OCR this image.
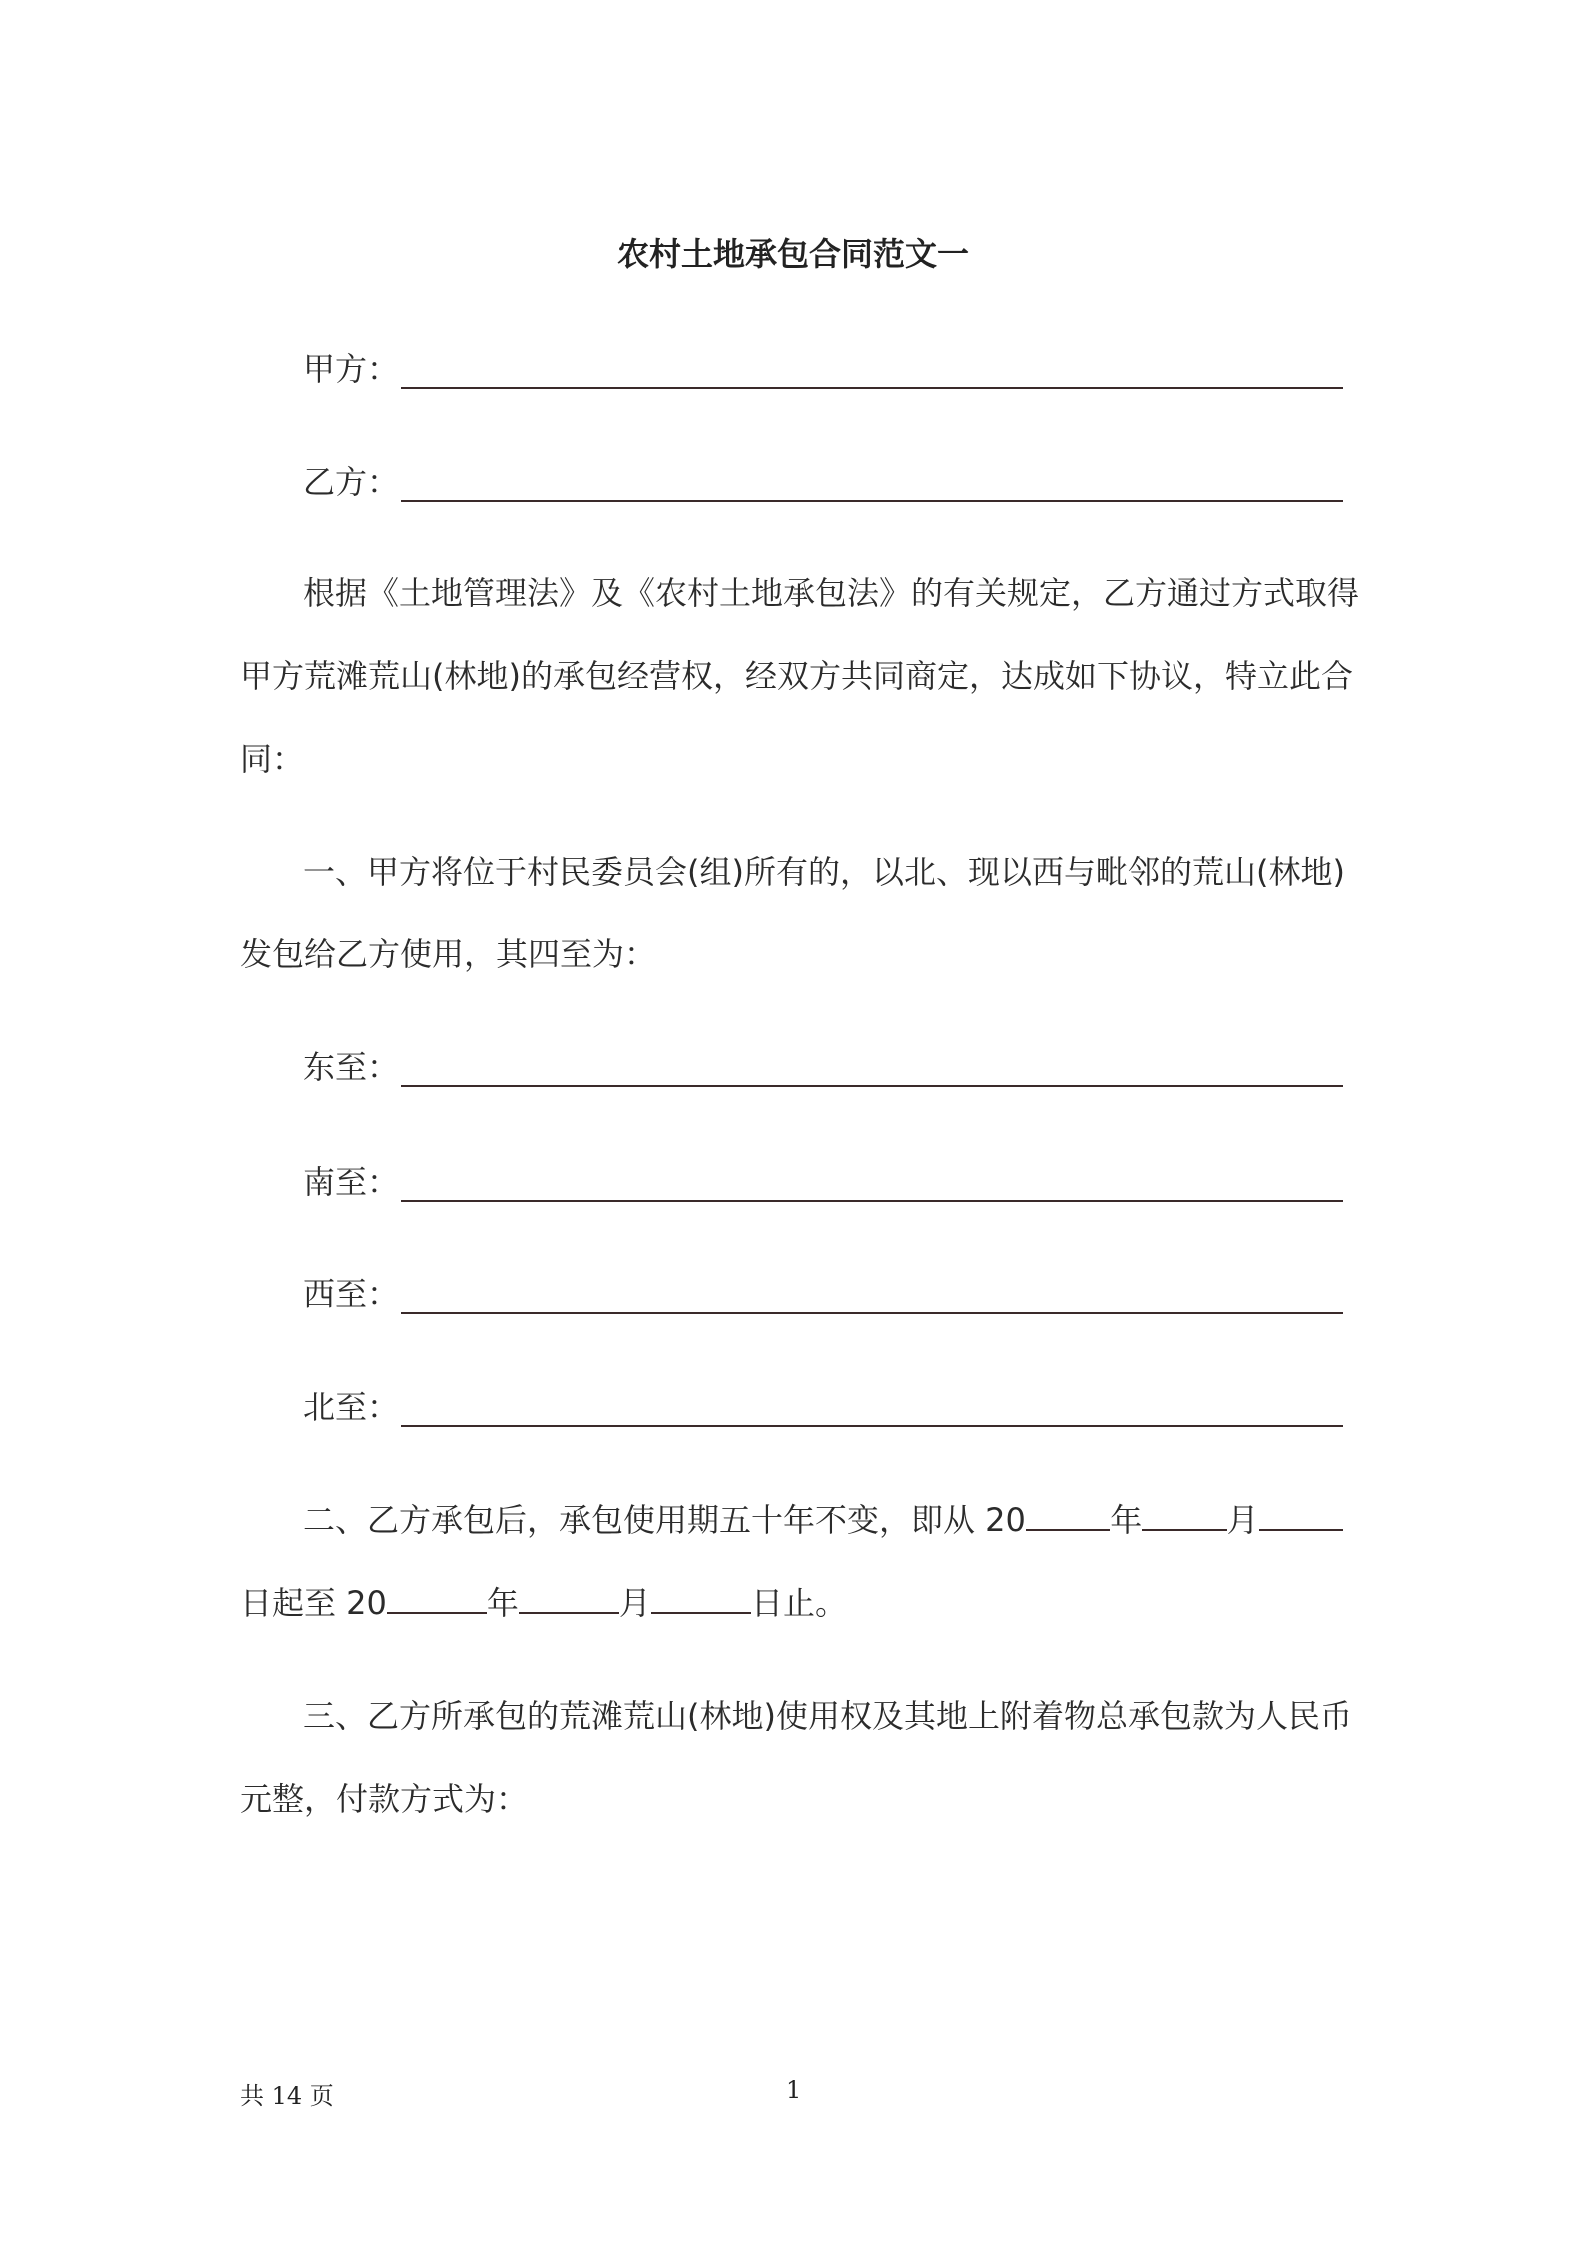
农村土地承包合同范文一
甲方：
乙方：
根据《土地管理法》及《农村土地承包法》的有关规定，乙方通过方式取得
甲方荒滩荒山(林地)的承包经营权，经双方共同商定，达成如下协议，特立此合
同：
一、甲方将位于村民委员会(组)所有的，以北、现以西与毗邻的荒山(林地)
发包给乙方使用，其四至为：
东至：
南至：
西至：
北至：
二、乙方承包后，承包使用期五十年不变，即从 20	年	月
日起至 20	年	月	日止。
三、乙方所承包的荒滩荒山(林地)使用权及其地上附着物总承包款为人民币
元整，付款方式为：
共 14 页	1
